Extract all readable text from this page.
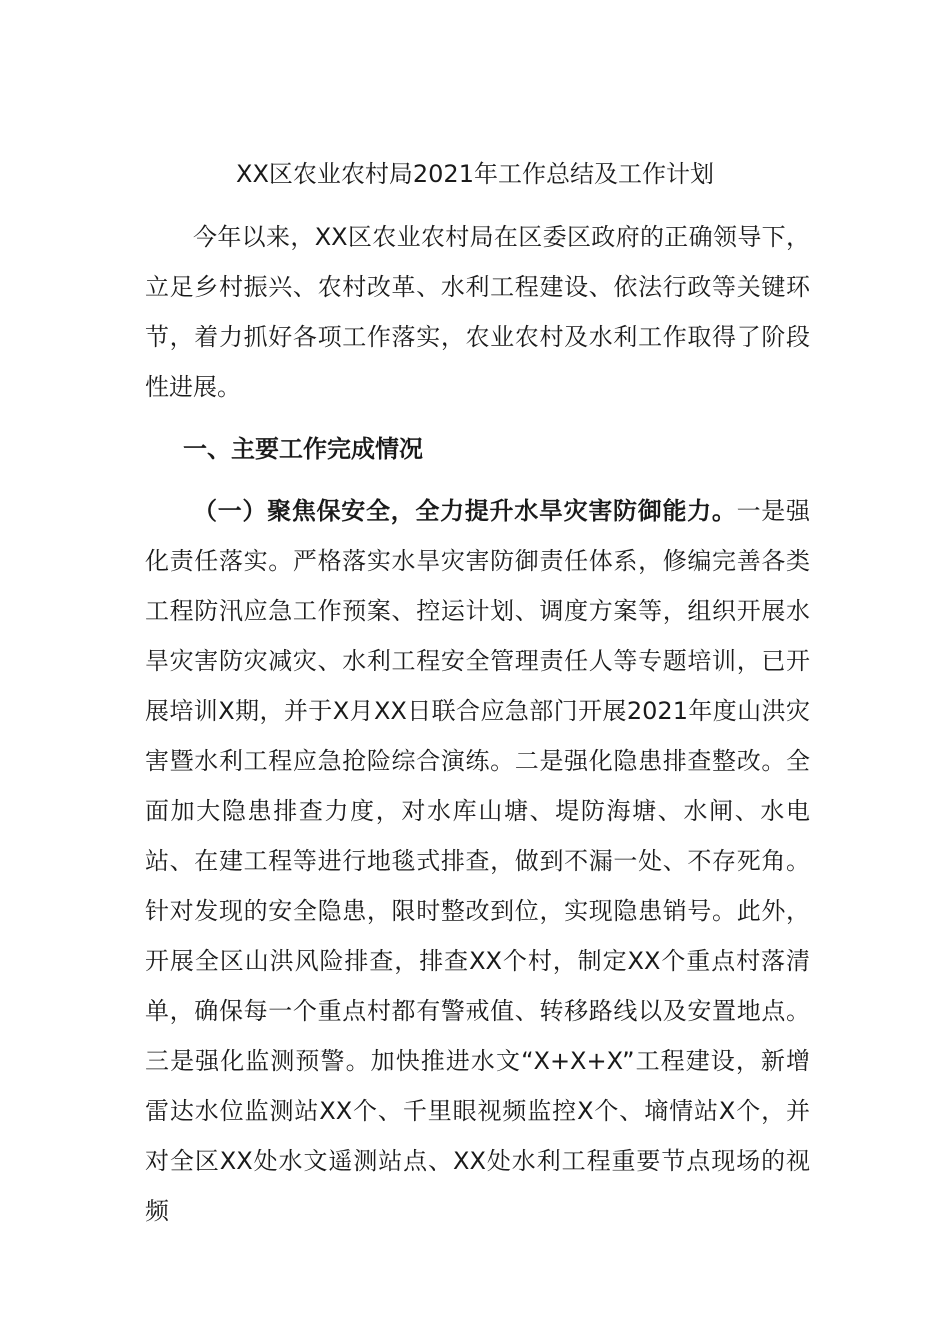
XX区农业农村局2021年工作总结及工作计划

今年以来，XX区农业农村局在区委区政府的正确领导下，立足乡村振兴、农村改革、水利工程建设、依法行政等关键环节，着力抓好各项工作落实，农业农村及水利工作取得了阶段性进展。

一、主要工作完成情况

（一）聚焦保安全，全力提升水旱灾害防御能力。一是强化责任落实。严格落实水旱灾害防御责任体系，修编完善各类工程防汛应急工作预案、控运计划、调度方案等，组织开展水旱灾害防灾减灾、水利工程安全管理责任人等专题培训，已开展培训X期，并于X月XX日联合应急部门开展2021年度山洪灾害暨水利工程应急抢险综合演练。二是强化隐患排查整改。全面加大隐患排查力度，对水库山塘、堤防海塘、水闸、水电站、在建工程等进行地毯式排查，做到不漏一处、不存死角。针对发现的安全隐患，限时整改到位，实现隐患销号。此外，开展全区山洪风险排查，排查XX个村，制定XX个重点村落清单，确保每一个重点村都有警戒值、转移路线以及安置地点。三是强化监测预警。加快推进水文“X+X+X”工程建设，新增雷达水位监测站XX个、千里眼视频监控X个、墒情站X个，并对全区XX处水文遥测站点、XX处水利工程重要节点现场的视频
